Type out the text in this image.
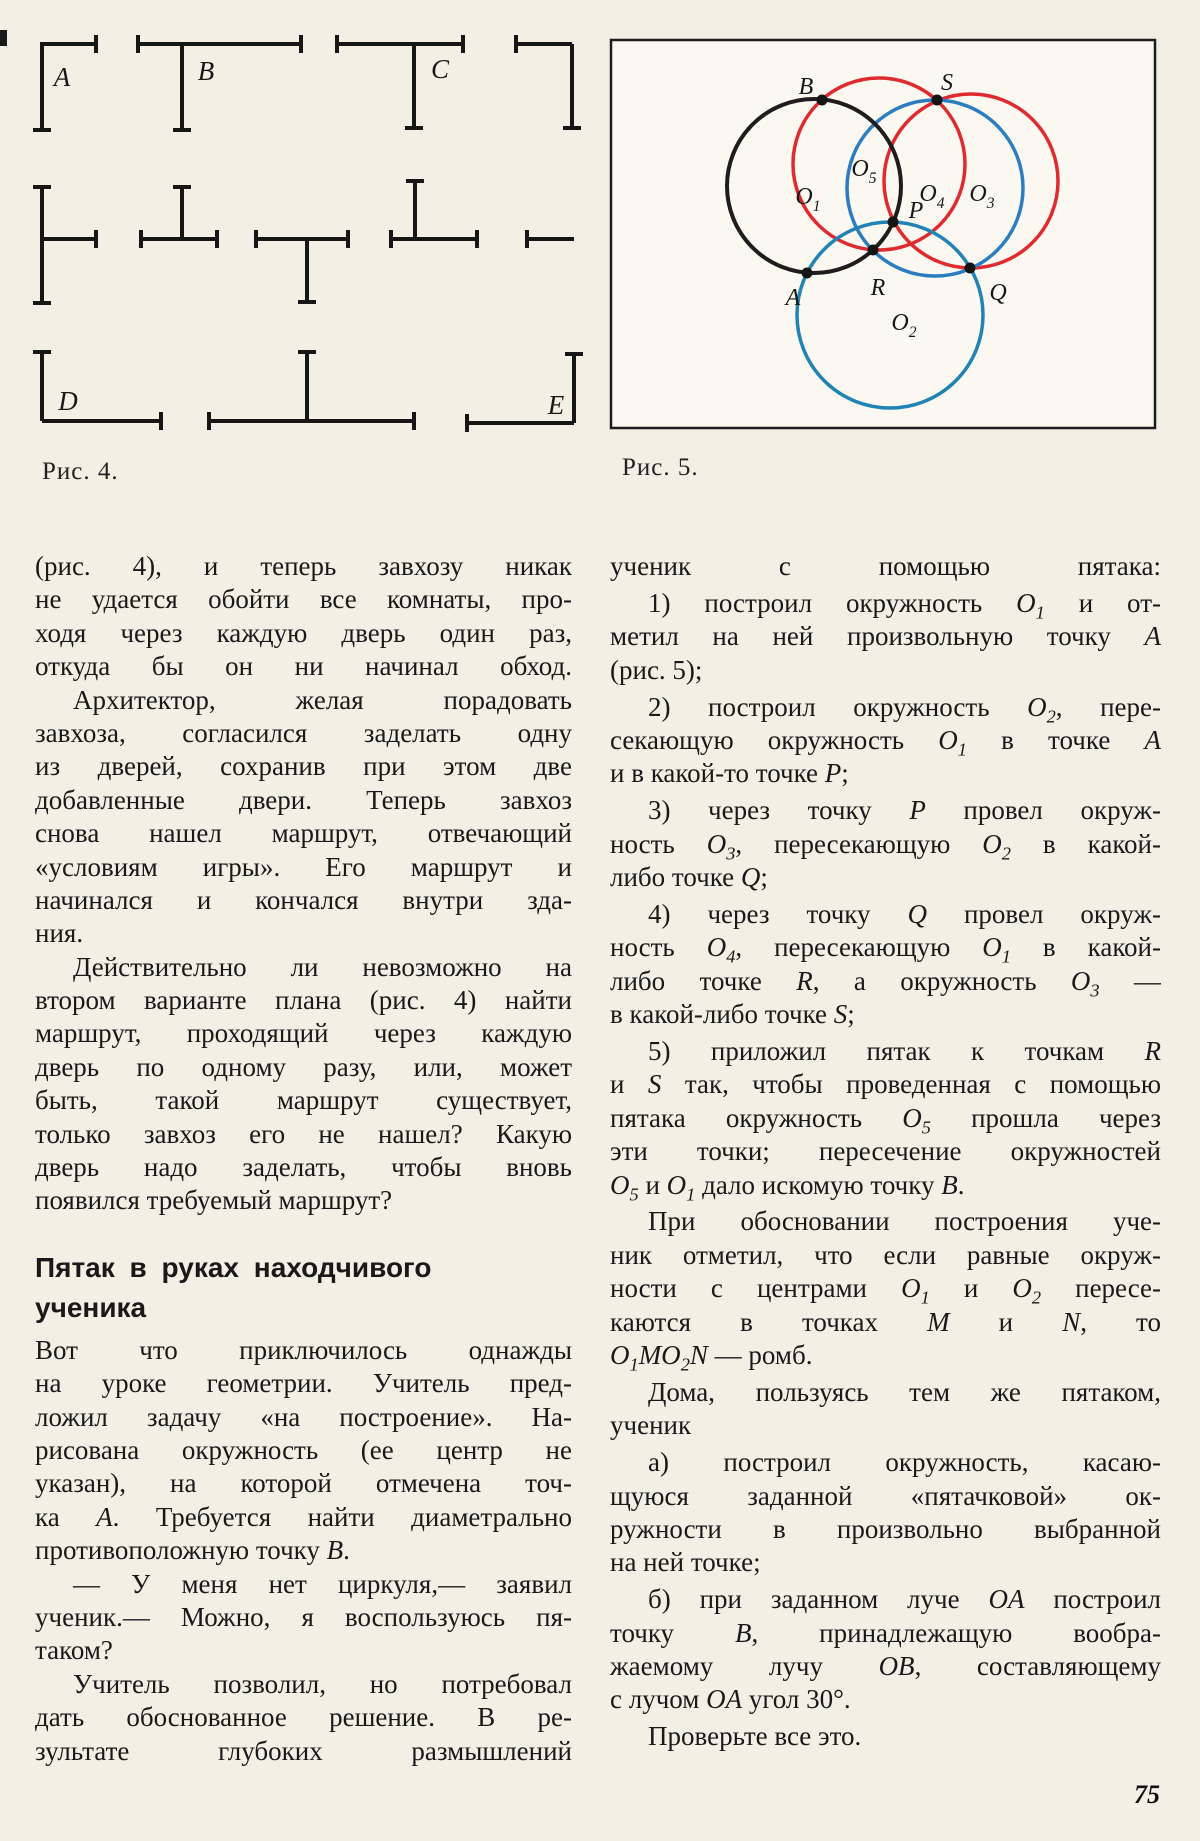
A	B	C
D	E
B	S
$O_1$
$O_5$
$O_4$ $O_3$
P
R
A	Q
$O_2$
Рис. 4.	Рис. 5.
(рис. 4), и теперь завхозу никак
не удается обойти все комнаты, про-
ходя через каждую дверь один раз,
откуда бы он ни начинал обход.
Архитектор, желая порадовать
завхоза, согласился заделать одну
из дверей, сохранив при этом две
добавленные двери. Теперь завхоз
снова нашел маршрут, отвечающий
«условиям игры». Его маршрут и
начинался и кончался внутри зда-
ния.
Действительно ли невозможно на
втором варианте плана (рис. 4) найти
маршрут, проходящий через каждую
дверь по одному разу, или, может
быть, такой маршрут существует,
только завхоз его не нашел? Какую
дверь надо заделать, чтобы вновь
появился требуемый маршрут?
Пятак в руках находчивого
ученика
Вот что приключилось однажды
на уроке геометрии. Учитель пред-
ложил задачу «на построение». На-
рисована окружность (ее центр не
указан), на которой отмечена точ-
ка A. Требуется найти диаметрально
противоположную точку B.
— У меня нет циркуля,— заявил
ученик.— Можно, я воспользуюсь пя-
таком?
Учитель позволил, но потребовал
дать обоснованное решение. В ре-
зультате глубоких размышлений
ученик с помощью пятака:
1) построил окружность $O_1$ и от-
метил на ней произвольную точку A
(рис. 5);
2) построил окружность $O_2$, пере-
секающую окружность $O_1$ в точке A
и в какой-то точке P;
3) через точку P провел окруж-
ность $O_3$, пересекающую $O_2$ в какой-
либо точке Q;
4) через точку Q провел окруж-
ность $O_4$, пересекающую $O_1$ в какой-
либо точке R, а окружность $O_3$ —
в какой-либо точке S;
5) приложил пятак к точкам R
и S так, чтобы проведенная с помощью
пятака окружность $O_5$ прошла через
эти точки; пересечение окружностей
$O_5$ и $O_1$ дало искомую точку B.
При обосновании построения уче-
ник отметил, что если равные окруж-
ности с центрами $O_1$ и $O_2$ пересе-
каются в точках M и N, то
$O_1MO_2N$ — ромб.
Дома, пользуясь тем же пятаком,
ученик
а) построил окружность, касаю-
щуюся заданной «пятачковой» ок-
ружности в произвольно выбранной
на ней точке;
б) при заданном луче OA построил
точку B, принадлежащую вообра-
жаемому лучу OB, составляющему
с лучом OA угол 30°.
Проверьте все это.
75
